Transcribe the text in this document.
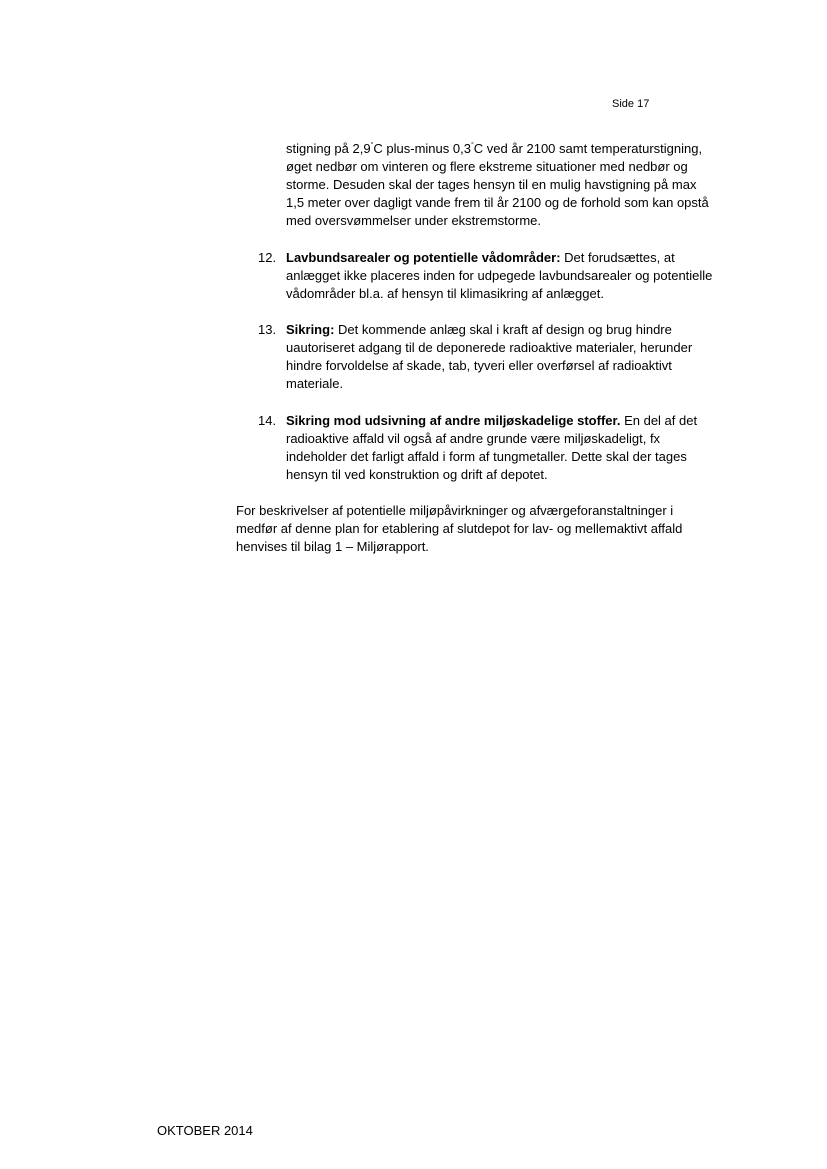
Side 17
stigning på 2,9°C plus-minus 0,3°C ved år 2100 samt temperaturstigning,
øget nedbør om vinteren og flere ekstreme situationer med nedbør og
storme. Desuden skal der tages hensyn til en mulig havstigning på max
1,5 meter over dagligt vande frem til år 2100 og de forhold som kan opstå
med oversvømmelser under ekstremstorme.
12. Lavbundsarealer og potentielle vådområder: Det forudsættes, at
anlægget ikke placeres inden for udpegede lavbundsarealer og potentielle
vådområder bl.a. af hensyn til klimasikring af anlægget.
13. Sikring: Det kommende anlæg skal i kraft af design og brug hindre
uautoriseret adgang til de deponerede radioaktive materialer, herunder
hindre forvoldelse af skade, tab, tyveri eller overførsel af radioaktivt
materiale.
14. Sikring mod udsivning af andre miljøskadelige stoffer. En del af det
radioaktive affald vil også af andre grunde være miljøskadeligt, fx
indeholder det farligt affald i form af tungmetaller. Dette skal der tages
hensyn til ved konstruktion og drift af depotet.
For beskrivelser af potentielle miljøpåvirkninger og afværgeforanstaltninger i
medfør af denne plan for etablering af slutdepot for lav- og mellemaktivt affald
henvises til bilag 1 – Miljørapport.
OKTOBER 2014
